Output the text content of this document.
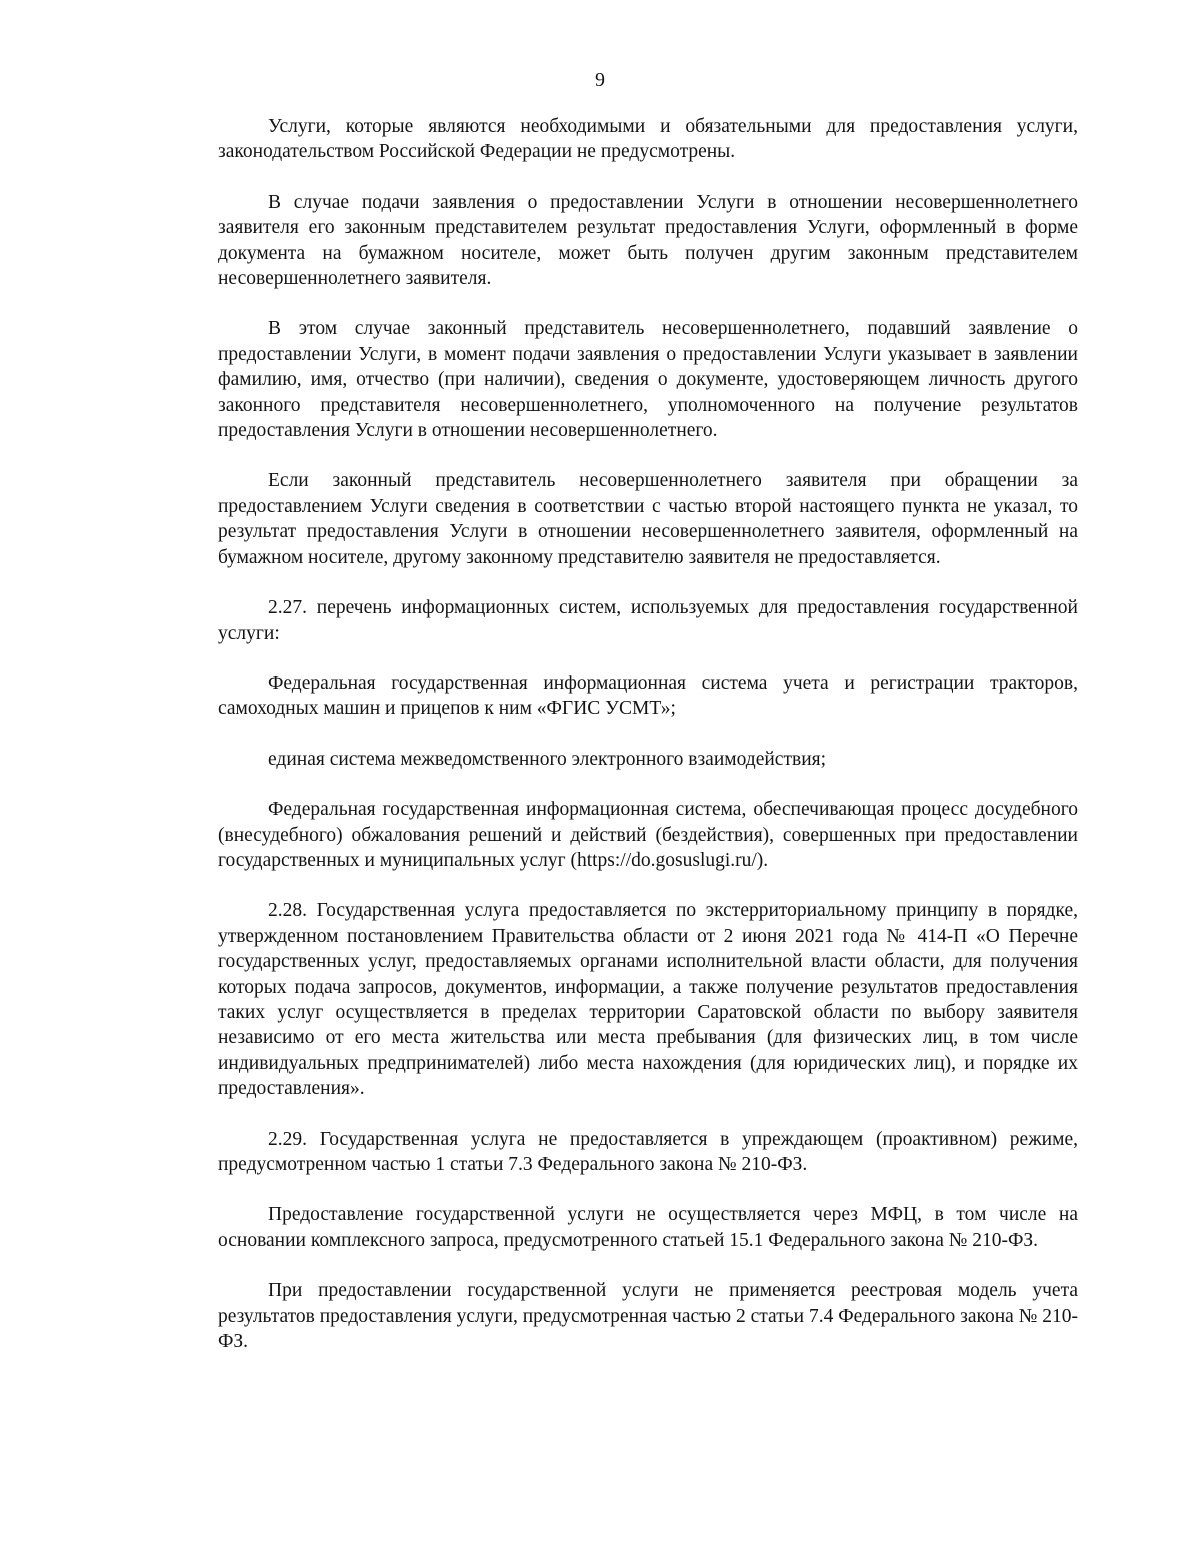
9

Услуги, которые являются необходимыми и обязательными для предоставления услуги, законодательством Российской Федерации не предусмотрены.

В случае подачи заявления о предоставлении Услуги в отношении несовершеннолетнего заявителя его законным представителем результат предоставления Услуги, оформленный в форме документа на бумажном носителе, может быть получен другим законным представителем несовершеннолетнего заявителя.

В этом случае законный представитель несовершеннолетнего, подавший заявление о предоставлении Услуги, в момент подачи заявления о предоставлении Услуги указывает в заявлении фамилию, имя, отчество (при наличии), сведения о документе, удостоверяющем личность другого законного представителя несовершеннолетнего, уполномоченного на получение результатов предоставления Услуги в отношении несовершеннолетнего.

Если законный представитель несовершеннолетнего заявителя при обращении за предоставлением Услуги сведения в соответствии с частью второй настоящего пункта не указал, то результат предоставления Услуги в отношении несовершеннолетнего заявителя, оформленный на бумажном носителе, другому законному представителю заявителя не предоставляется.

2.27. перечень информационных систем, используемых для предоставления государственной услуги:

Федеральная государственная информационная система учета и регистрации тракторов, самоходных машин и прицепов к ним «ФГИС УСМТ»;

единая система межведомственного электронного взаимодействия;

Федеральная государственная информационная система, обеспечивающая процесс досудебного (внесудебного) обжалования решений и действий (бездействия), совершенных при предоставлении государственных и муниципальных услуг (https://do.gosuslugi.ru/).

2.28. Государственная услуга предоставляется по экстерриториальному принципу в порядке, утвержденном постановлением Правительства области от 2 июня 2021 года № 414-П «О Перечне государственных услуг, предоставляемых органами исполнительной власти области, для получения которых подача запросов, документов, информации, а также получение результатов предоставления таких услуг осуществляется в пределах территории Саратовской области по выбору заявителя независимо от его места жительства или места пребывания (для физических лиц, в том числе индивидуальных предпринимателей) либо места нахождения (для юридических лиц), и порядке их предоставления».

2.29. Государственная услуга не предоставляется в упреждающем (проактивном) режиме, предусмотренном частью 1 статьи 7.3 Федерального закона № 210-ФЗ.

Предоставление государственной услуги не осуществляется через МФЦ, в том числе на основании комплексного запроса, предусмотренного статьей 15.1 Федерального закона № 210-ФЗ.

При предоставлении государственной услуги не применяется реестровая модель учета результатов предоставления услуги, предусмотренная частью 2 статьи 7.4 Федерального закона № 210-ФЗ.
